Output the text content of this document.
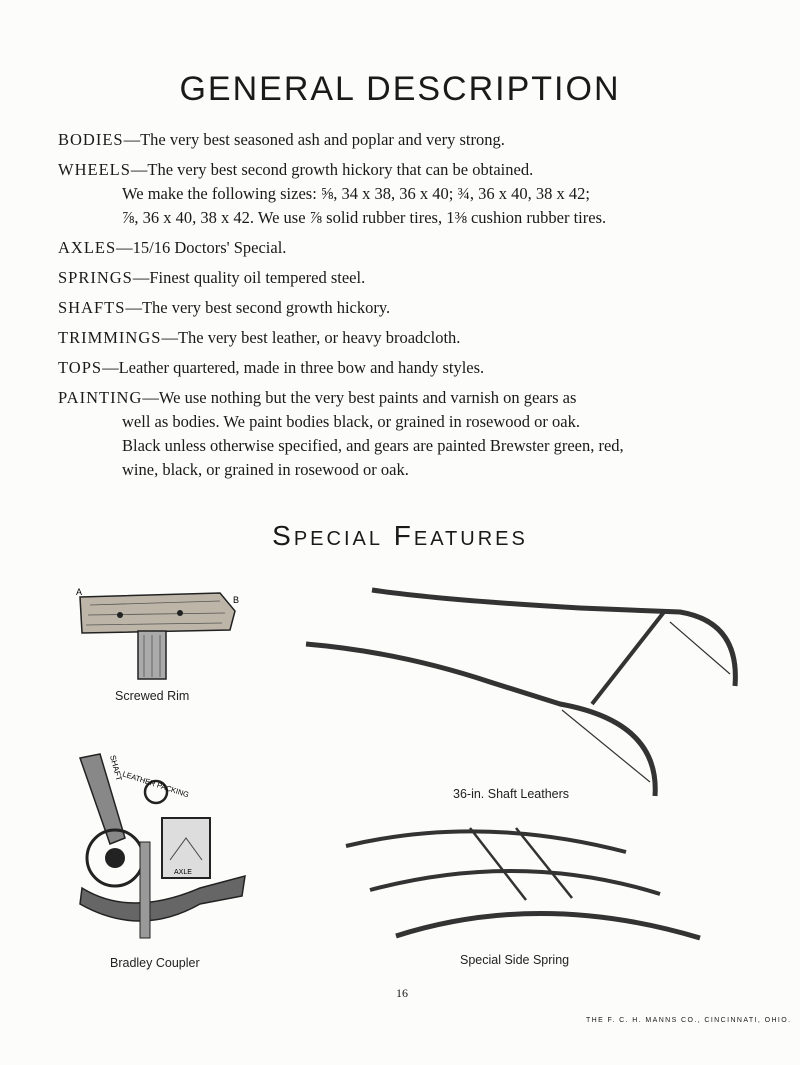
GENERAL DESCRIPTION
BODIES—The very best seasoned ash and poplar and very strong.
WHEELS—The very best second growth hickory that can be obtained.
We make the following sizes: ⅝, 34 x 38, 36 x 40; ¾, 36 x 40, 38 x 42;
⅞, 36 x 40, 38 x 42. We use ⅞ solid rubber tires, 1⅜ cushion rubber tires.
AXLES—15/16 Doctors' Special.
SPRINGS—Finest quality oil tempered steel.
SHAFTS—The very best second growth hickory.
TRIMMINGS—The very best leather, or heavy broadcloth.
TOPS—Leather quartered, made in three bow and handy styles.
PAINTING—We use nothing but the very best paints and varnish on gears as
well as bodies. We paint bodies black, or grained in rosewood or oak.
Black unless otherwise specified, and gears are painted Brewster green, red,
wine, black, or grained in rosewood or oak.
Special Features
A
B
Screwed Rim
36-in. Shaft Leathers
SHAFT
LEATHER PACKING
AXLE
Bradley Coupler	Special Side Spring
16
THE F. C. H. MANNS CO., CINCINNATI, OHIO.
